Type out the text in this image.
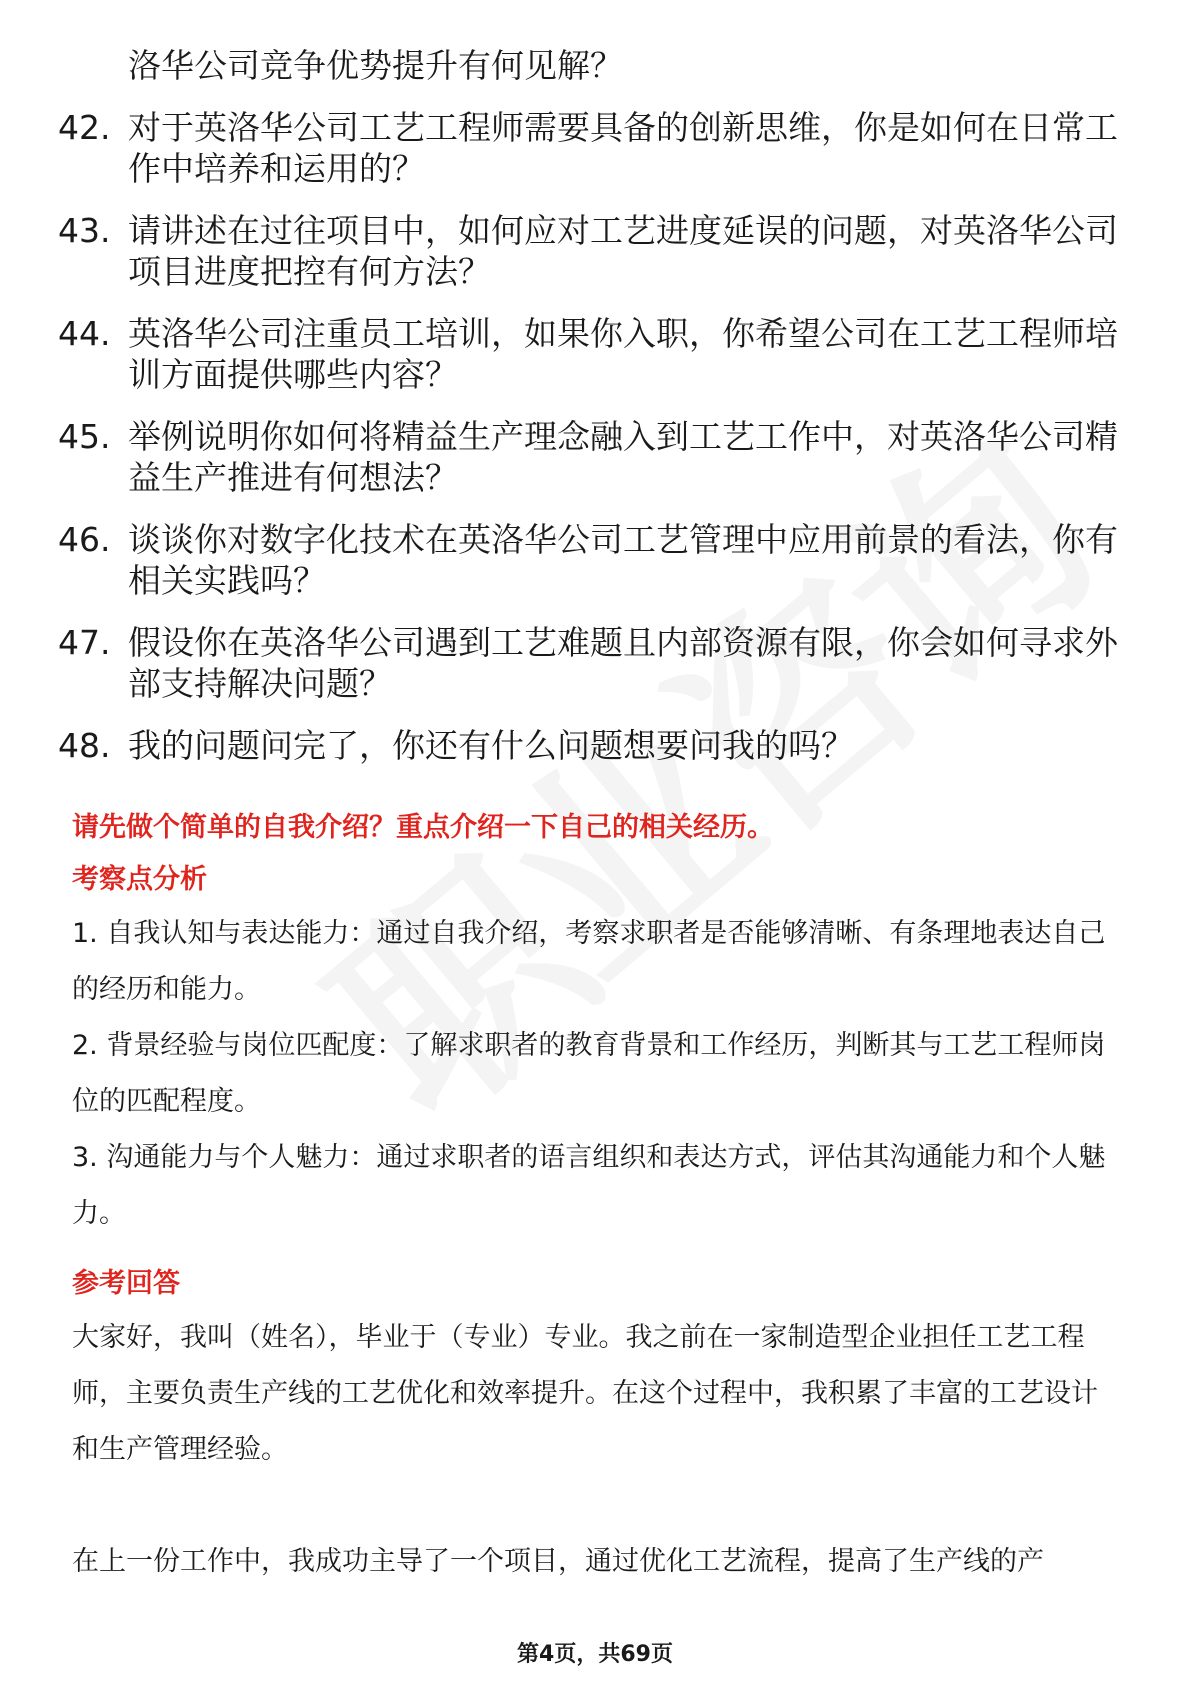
洛华公司竞争优势提升有何见解？
42. 对于英洛华公司工艺工程师需要具备的创新思维，你是如何在日常工作中培养和运用的？
43. 请讲述在过往项目中，如何应对工艺进度延误的问题，对英洛华公司项目进度把控有何方法？
44. 英洛华公司注重员工培训，如果你入职，你希望公司在工艺工程师培训方面提供哪些内容？
45. 举例说明你如何将精益生产理念融入到工艺工作中，对英洛华公司精益生产推进有何想法？
46. 谈谈你对数字化技术在英洛华公司工艺管理中应用前景的看法，你有相关实践吗？
47. 假设你在英洛华公司遇到工艺难题且内部资源有限，你会如何寻求外部支持解决问题？
48. 我的问题问完了，你还有什么问题想要问我的吗？

请先做个简单的自我介绍？重点介绍一下自己的相关经历。

考察点分析

1. 自我认知与表达能力：通过自我介绍，考察求职者是否能够清晰、有条理地表达自己的经历和能力。

2. 背景经验与岗位匹配度：了解求职者的教育背景和工作经历，判断其与工艺工程师岗位的匹配程度。

3. 沟通能力与个人魅力：通过求职者的语言组织和表达方式，评估其沟通能力和个人魅力。

参考回答

大家好，我叫（姓名），毕业于（专业）专业。我之前在一家制造型企业担任工艺工程师，主要负责生产线的工艺优化和效率提升。在这个过程中，我积累了丰富的工艺设计和生产管理经验。

在上一份工作中，我成功主导了一个项目，通过优化工艺流程，提高了生产线的产

第4页，共69页
